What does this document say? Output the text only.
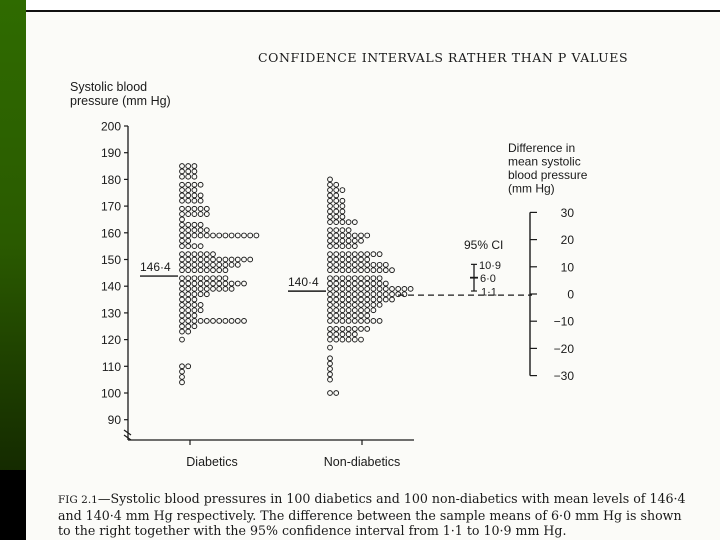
CONFIDENCE INTERVALS RATHER THAN P VALUES
Systolic blood
pressure (mm Hg)
200
190
180
170
160
150
140
130
120
110
100
90
Diabetics	Non-diabetics
146·4
140·4
Difference in
mean systolic
blood pressure
(mm Hg)
30
20
10
0
−10
−20
−30
95% CI
10·9
6·0
1·1
FIG 2.1—Systolic blood pressures in 100 diabetics and 100 non-diabetics with mean levels of 146·4 and 140·4 mm Hg respectively. The difference between the sample means of 6·0 mm Hg is shown to the right together with the 95% confidence interval from 1·1 to 10·9 mm Hg.
